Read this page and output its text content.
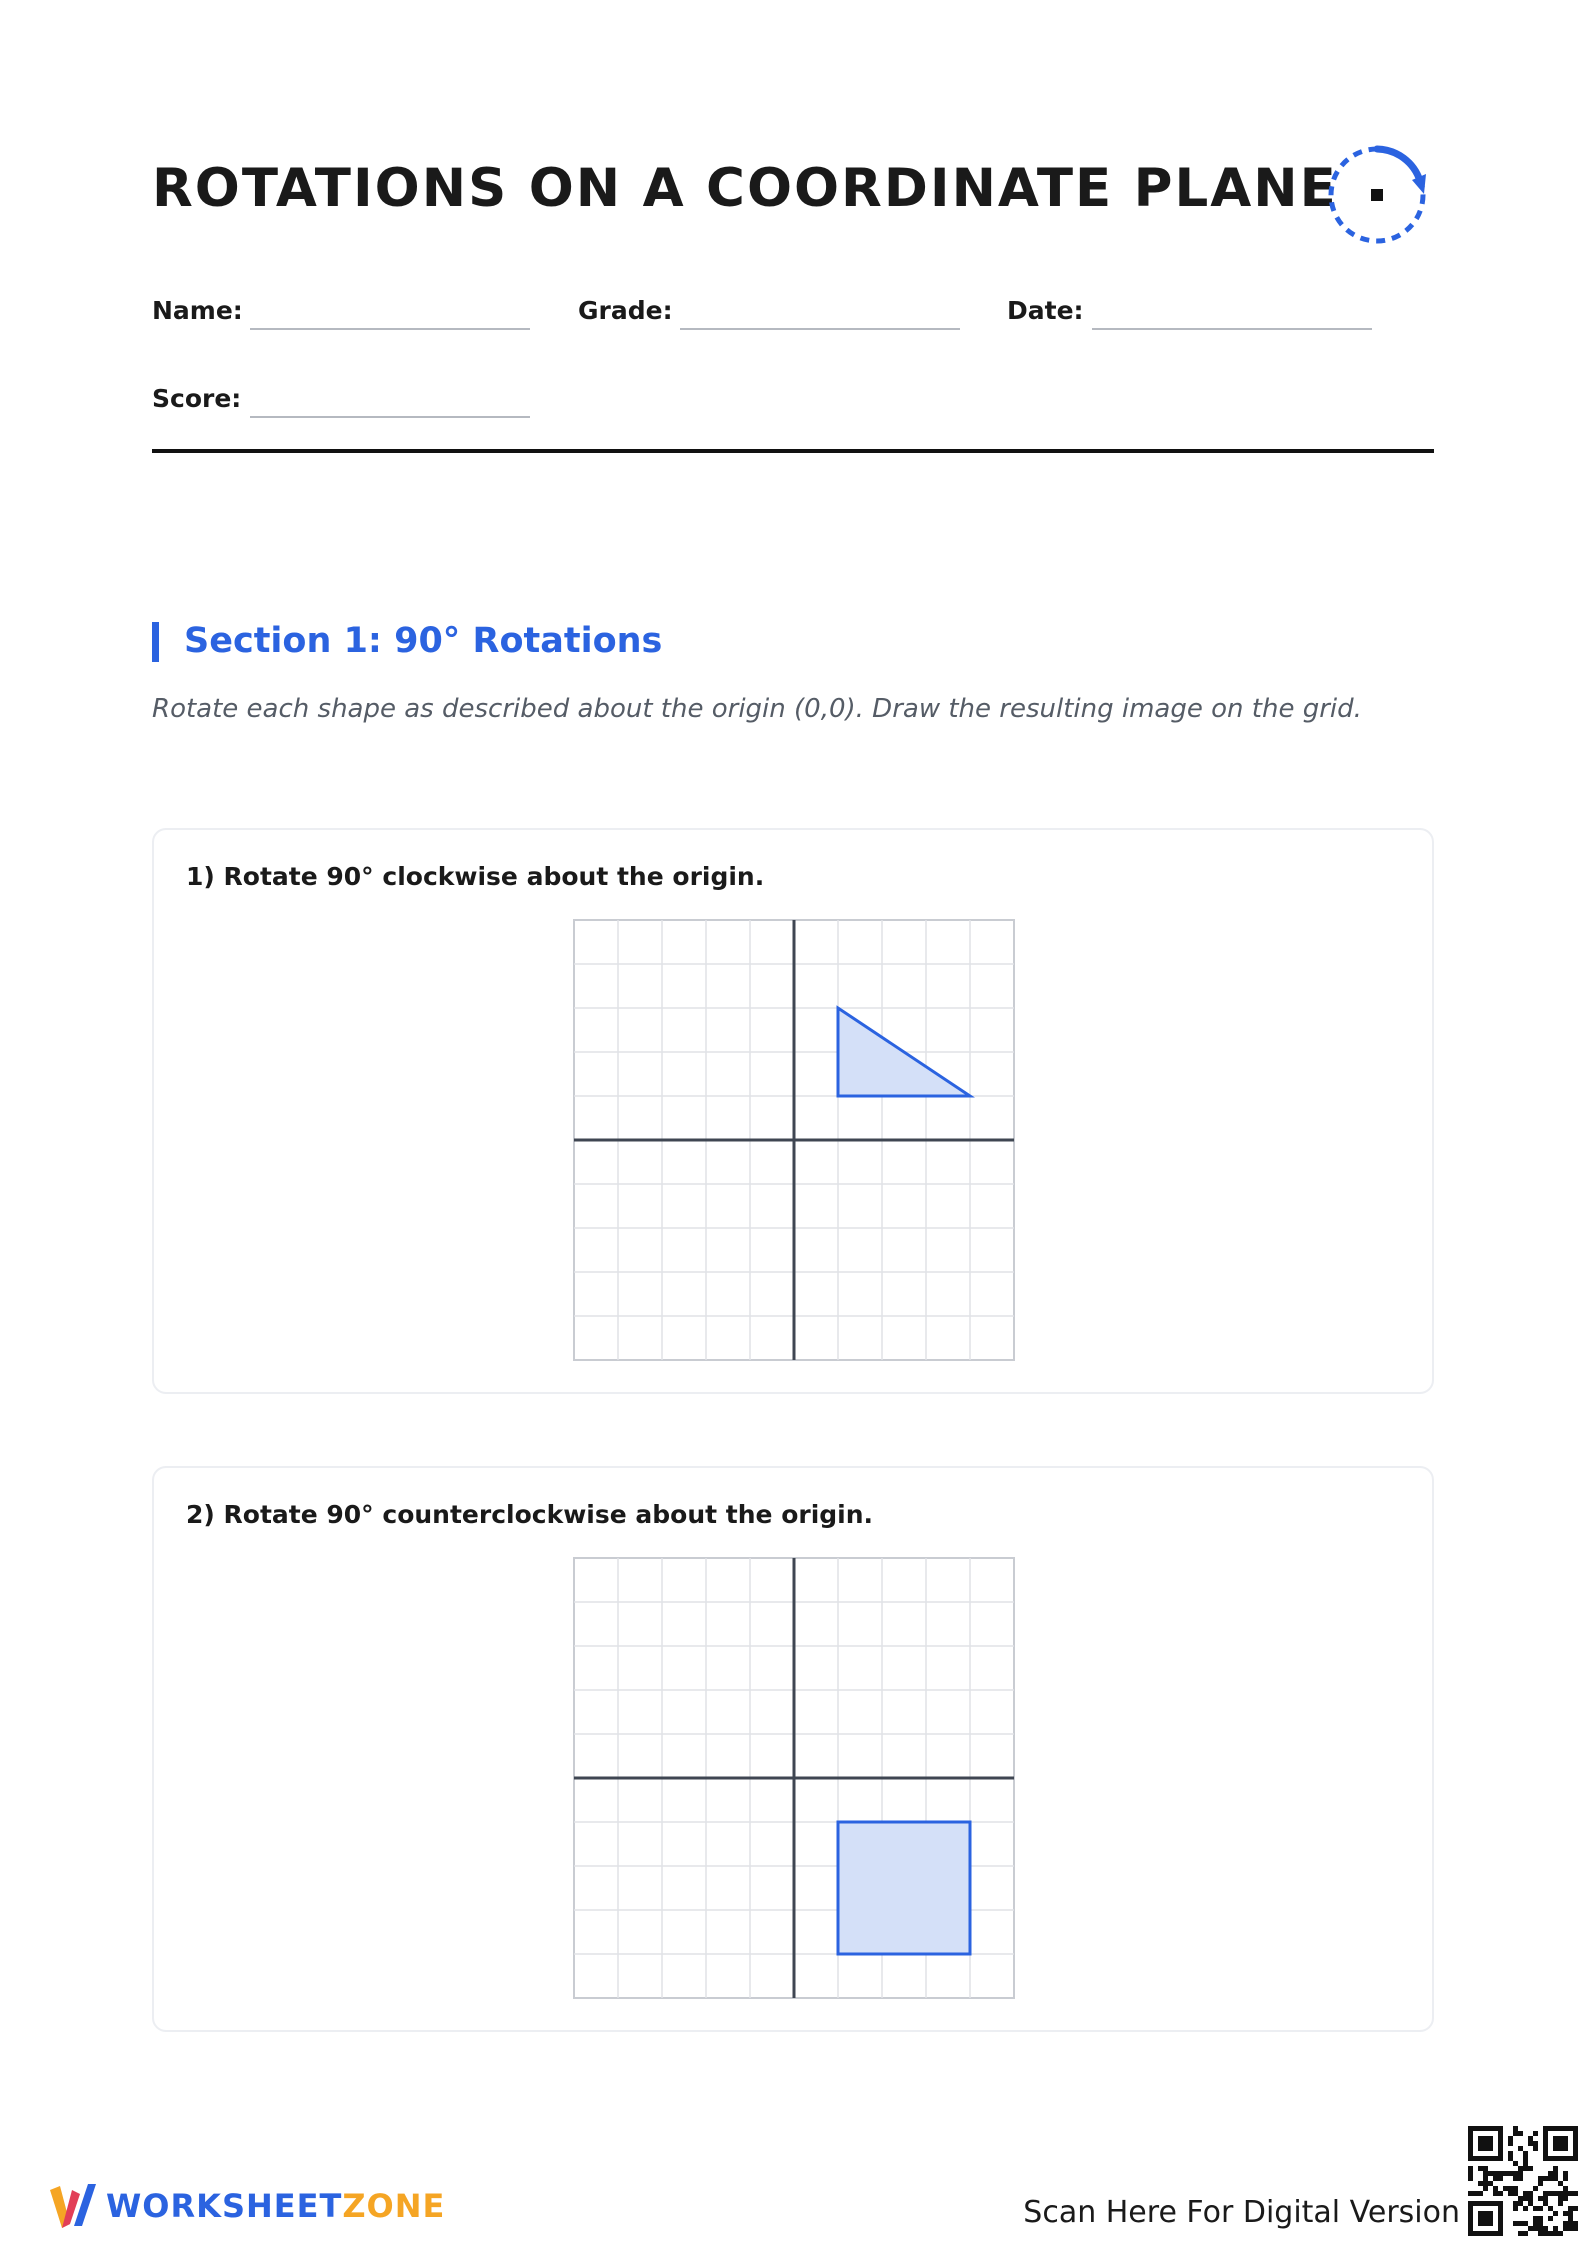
ROTATIONS ON A COORDINATE PLANE
Name:	Grade:	Date:
Score:
Section 1: 90° Rotations
Rotate each shape as described about the origin (0,0). Draw the resulting image on the grid.
1) Rotate 90° clockwise about the origin.
2) Rotate 90° counterclockwise about the origin.
WORKSHEETZONE	Scan Here For Digital Version
